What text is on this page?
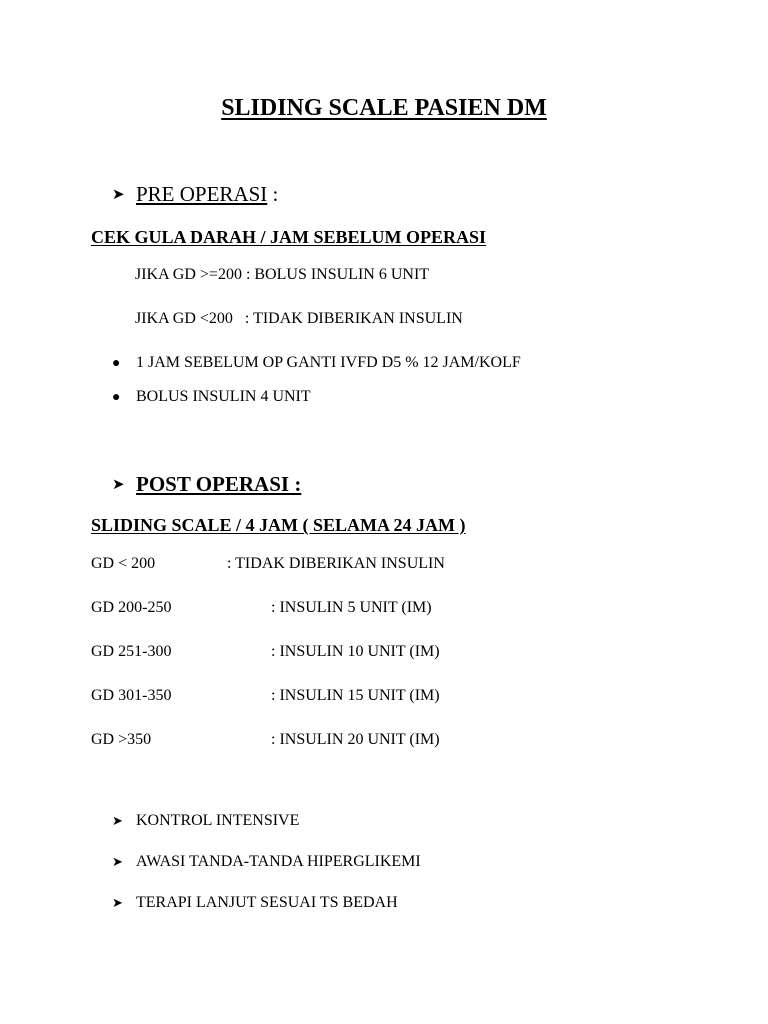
SLIDING SCALE PASIEN DM
➤ PRE OPERASI :
CEK GULA DARAH / JAM SEBELUM OPERASI
JIKA GD >=200 : BOLUS INSULIN 6 UNIT
JIKA GD <200   : TIDAK DIBERIKAN INSULIN
● 1 JAM SEBELUM OP GANTI IVFD D5 % 12 JAM/KOLF
● BOLUS INSULIN 4 UNIT
➤ POST OPERASI :
SLIDING SCALE / 4 JAM ( SELAMA 24 JAM )
GD < 200	: TIDAK DIBERIKAN INSULIN
GD 200-250	: INSULIN 5 UNIT (IM)
GD 251-300	: INSULIN 10 UNIT (IM)
GD 301-350	: INSULIN 15 UNIT (IM)
GD >350	: INSULIN 20 UNIT (IM)
➤ KONTROL INTENSIVE
➤ AWASI TANDA-TANDA HIPERGLIKEMI
➤ TERAPI LANJUT SESUAI TS BEDAH
